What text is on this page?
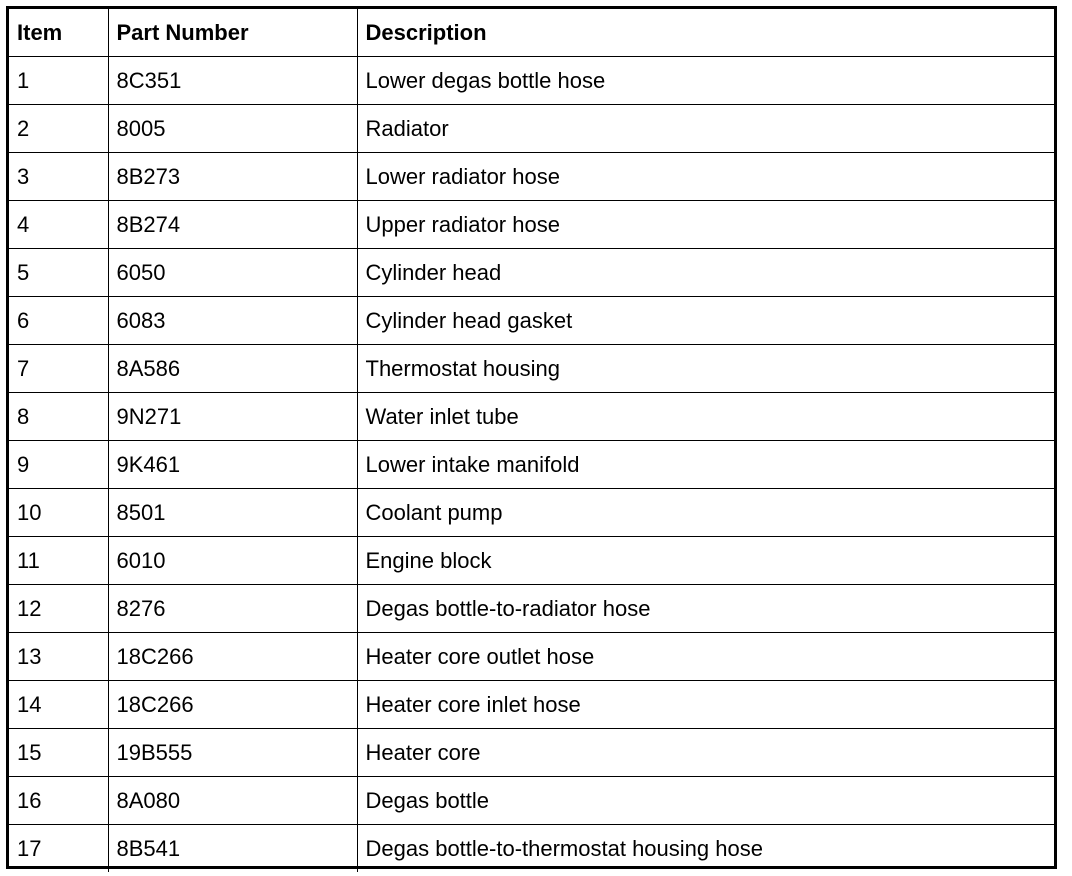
Item	Part Number	Description
1	8C351	Lower degas bottle hose
2	8005	Radiator
3	8B273	Lower radiator hose
4	8B274	Upper radiator hose
5	6050	Cylinder head
6	6083	Cylinder head gasket
7	8A586	Thermostat housing
8	9N271	Water inlet tube
9	9K461	Lower intake manifold
10	8501	Coolant pump
11	6010	Engine block
12	8276	Degas bottle-to-radiator hose
13	18C266	Heater core outlet hose
14	18C266	Heater core inlet hose
15	19B555	Heater core
16	8A080	Degas bottle
17	8B541	Degas bottle-to-thermostat housing hose
